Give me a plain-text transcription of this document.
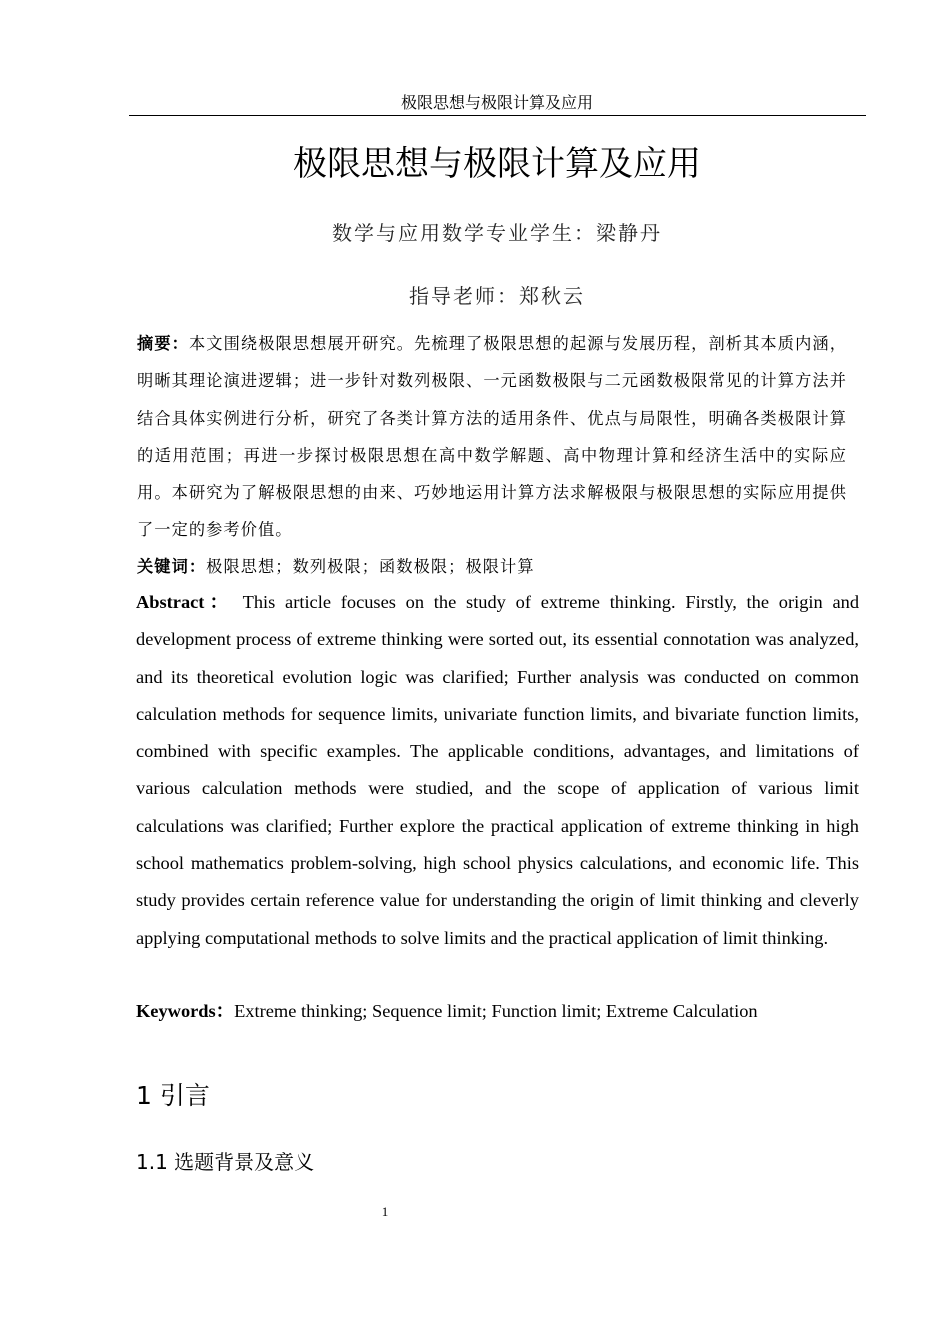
极限思想与极限计算及应用
极限思想与极限计算及应用
数学与应用数学专业学生：梁静丹
指导老师：郑秋云
摘要：本文围绕极限思想展开研究。先梳理了极限思想的起源与发展历程，剖析其本质内涵，明晰其理论演进逻辑；进一步针对数列极限、一元函数极限与二元函数极限常见的计算方法并结合具体实例进行分析，研究了各类计算方法的适用条件、优点与局限性，明确各类极限计算的适用范围；再进一步探讨极限思想在高中数学解题、高中物理计算和经济生活中的实际应用。本研究为了解极限思想的由来、巧妙地运用计算方法求解极限与极限思想的实际应用提供了一定的参考价值。
关键词：极限思想；数列极限；函数极限；极限计算
Abstract： This article focuses on the study of extreme thinking. Firstly, the origin and development process of extreme thinking were sorted out, its essential connotation was analyzed, and its theoretical evolution logic was clarified; Further analysis was conducted on common calculation methods for sequence limits, univariate function limits, and bivariate function limits, combined with specific examples. The applicable conditions, advantages, and limitations of various calculation methods were studied, and the scope of application of various limit calculations was clarified; Further explore the practical application of extreme thinking in high school mathematics problem-solving, high school physics calculations, and economic life. This study provides certain reference value for understanding the origin of limit thinking and cleverly applying computational methods to solve limits and the practical application of limit thinking.
Keywords：Extreme thinking; Sequence limit; Function limit; Extreme Calculation
1 引言
1.1 选题背景及意义
1
